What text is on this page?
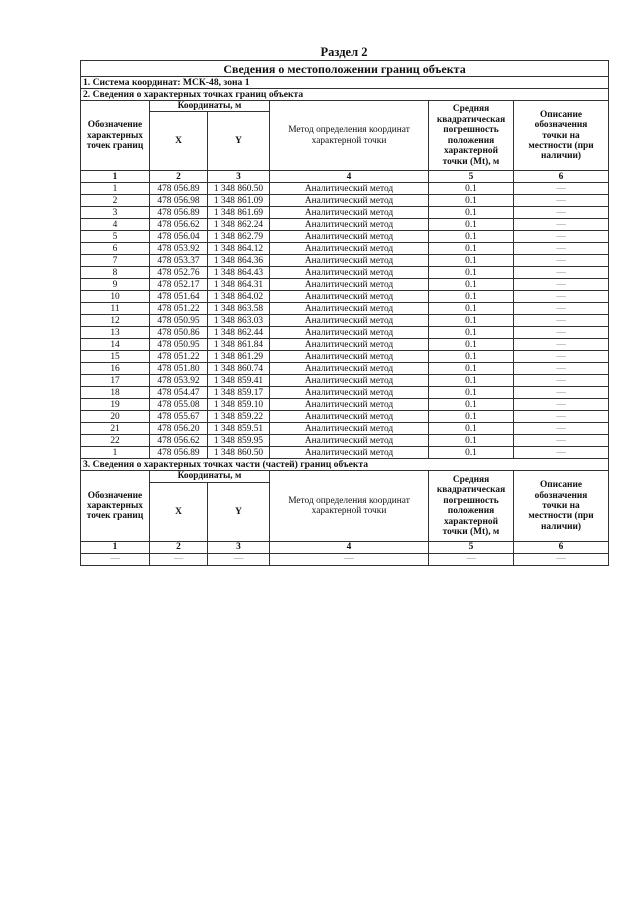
Раздел 2
Сведения о местоположении границ объекта					
1. Система координат: МСК-48, зона 1					
2. Сведения о характерных точках границ объекта					
Обозначение характерных точек границ	Координаты, м		Метод определения координат характерной точки	Средняя квадратическая погрешность положения характерной точки (Mt), м	Описание обозначения точки на местности (при наличии)
	X	Y			
1	2	3	4	5	6
1	478 056.89	1 348 860.50	Аналитический метод	0.1	—
2	478 056.98	1 348 861.09	Аналитический метод	0.1	—
3	478 056.89	1 348 861.69	Аналитический метод	0.1	—
4	478 056.62	1 348 862.24	Аналитический метод	0.1	—
5	478 056.04	1 348 862.79	Аналитический метод	0.1	—
6	478 053.92	1 348 864.12	Аналитический метод	0.1	—
7	478 053.37	1 348 864.36	Аналитический метод	0.1	—
8	478 052.76	1 348 864.43	Аналитический метод	0.1	—
9	478 052.17	1 348 864.31	Аналитический метод	0.1	—
10	478 051.64	1 348 864.02	Аналитический метод	0.1	—
11	478 051.22	1 348 863.58	Аналитический метод	0.1	—
12	478 050.95	1 348 863.03	Аналитический метод	0.1	—
13	478 050.86	1 348 862.44	Аналитический метод	0.1	—
14	478 050.95	1 348 861.84	Аналитический метод	0.1	—
15	478 051.22	1 348 861.29	Аналитический метод	0.1	—
16	478 051.80	1 348 860.74	Аналитический метод	0.1	—
17	478 053.92	1 348 859.41	Аналитический метод	0.1	—
18	478 054.47	1 348 859.17	Аналитический метод	0.1	—
19	478 055.08	1 348 859.10	Аналитический метод	0.1	—
20	478 055.67	1 348 859.22	Аналитический метод	0.1	—
21	478 056.20	1 348 859.51	Аналитический метод	0.1	—
22	478 056.62	1 348 859.95	Аналитический метод	0.1	—
1	478 056.89	1 348 860.50	Аналитический метод	0.1	—
3. Сведения о характерных точках части (частей) границ объекта					
Обозначение характерных точек границ	Координаты, м		Метод определения координат характерной точки	Средняя квадратическая погрешность положения характерной точки (Mt), м	Описание обозначения точки на местности (при наличии)
	X	Y			
1	2	3	4	5	6
—	—	—	—	—	—
